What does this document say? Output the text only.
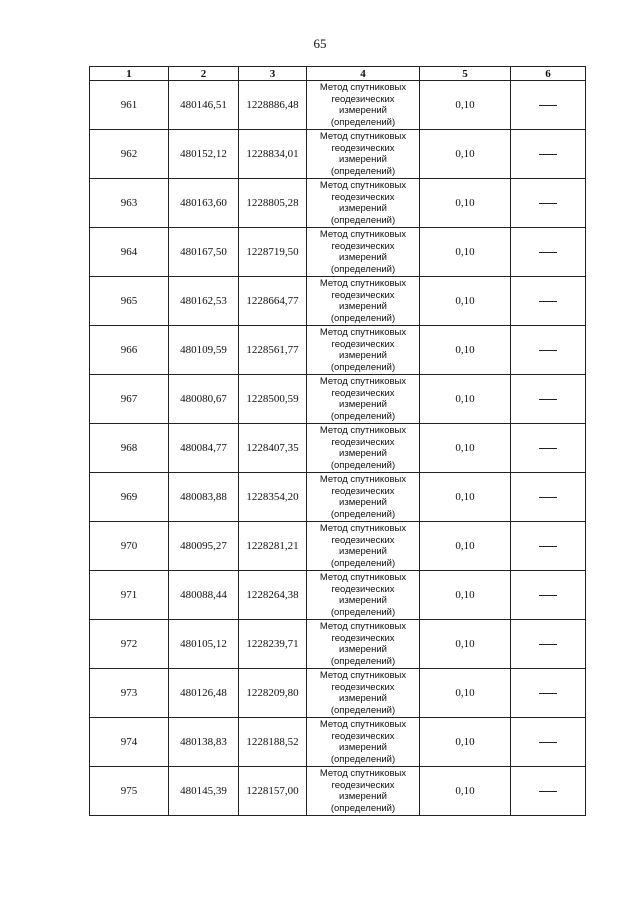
65
1	2	3	4	5	6
961	480146,51	1228886,48	Метод спутниковых
геодезических
измерений
(определений)	0,10	
962	480152,12	1228834,01	Метод спутниковых
геодезических
измерений
(определений)	0,10	
963	480163,60	1228805,28	Метод спутниковых
геодезических
измерений
(определений)	0,10	
964	480167,50	1228719,50	Метод спутниковых
геодезических
измерений
(определений)	0,10	
965	480162,53	1228664,77	Метод спутниковых
геодезических
измерений
(определений)	0,10	
966	480109,59	1228561,77	Метод спутниковых
геодезических
измерений
(определений)	0,10	
967	480080,67	1228500,59	Метод спутниковых
геодезических
измерений
(определений)	0,10	
968	480084,77	1228407,35	Метод спутниковых
геодезических
измерений
(определений)	0,10	
969	480083,88	1228354,20	Метод спутниковых
геодезических
измерений
(определений)	0,10	
970	480095,27	1228281,21	Метод спутниковых
геодезических
измерений
(определений)	0,10	
971	480088,44	1228264,38	Метод спутниковых
геодезических
измерений
(определений)	0,10	
972	480105,12	1228239,71	Метод спутниковых
геодезических
измерений
(определений)	0,10	
973	480126,48	1228209,80	Метод спутниковых
геодезических
измерений
(определений)	0,10	
974	480138,83	1228188,52	Метод спутниковых
геодезических
измерений
(определений)	0,10	
975	480145,39	1228157,00	Метод спутниковых
геодезических
измерений
(определений)	0,10	
